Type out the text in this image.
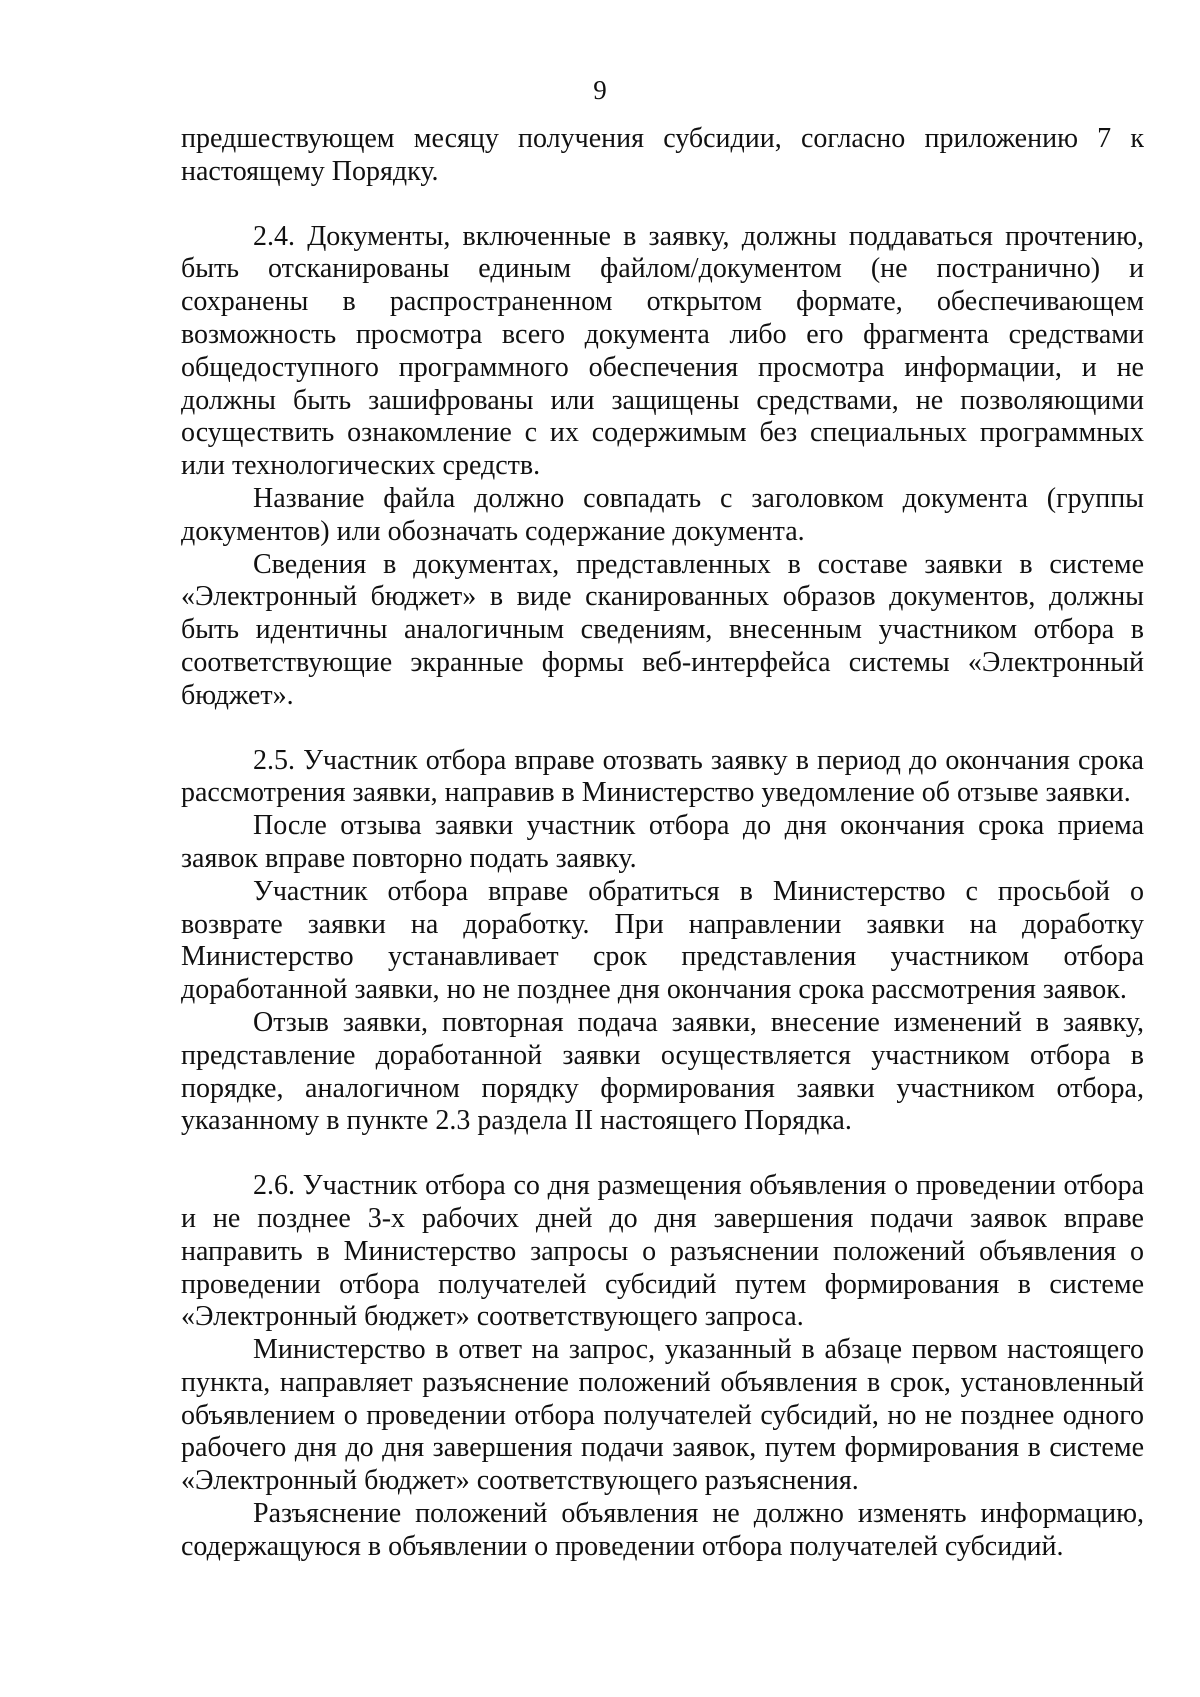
9

предшествующем месяцу получения субсидии, согласно приложению 7 к настоящему Порядку.

2.4. Документы, включенные в заявку, должны поддаваться прочтению, быть отсканированы единым файлом/документом (не постранично) и сохранены в распространенном открытом формате, обеспечивающем возможность просмотра всего документа либо его фрагмента средствами общедоступного программного обеспечения просмотра информации, и не должны быть зашифрованы или защищены средствами, не позволяющими осуществить ознакомление с их содержимым без специальных программных или технологических средств.

Название файла должно совпадать с заголовком документа (группы документов) или обозначать содержание документа.

Сведения в документах, представленных в составе заявки в системе «Электронный бюджет» в виде сканированных образов документов, должны быть идентичны аналогичным сведениям, внесенным участником отбора в соответствующие экранные формы веб-интерфейса системы «Электронный бюджет».

2.5. Участник отбора вправе отозвать заявку в период до окончания срока рассмотрения заявки, направив в Министерство уведомление об отзыве заявки.

После отзыва заявки участник отбора до дня окончания срока приема заявок вправе повторно подать заявку.

Участник отбора вправе обратиться в Министерство с просьбой о возврате заявки на доработку. При направлении заявки на доработку Министерство устанавливает срок представления участником отбора доработанной заявки, но не позднее дня окончания срока рассмотрения заявок.

Отзыв заявки, повторная подача заявки, внесение изменений в заявку, представление доработанной заявки осуществляется участником отбора в порядке, аналогичном порядку формирования заявки участником отбора, указанному в пункте 2.3 раздела II настоящего Порядка.

2.6. Участник отбора со дня размещения объявления о проведении отбора и не позднее 3-х рабочих дней до дня завершения подачи заявок вправе направить в Министерство запросы о разъяснении положений объявления о проведении отбора получателей субсидий путем формирования в системе «Электронный бюджет» соответствующего запроса.

Министерство в ответ на запрос, указанный в абзаце первом настоящего пункта, направляет разъяснение положений объявления в срок, установленный объявлением о проведении отбора получателей субсидий, но не позднее одного рабочего дня до дня завершения подачи заявок, путем формирования в системе «Электронный бюджет» соответствующего разъяснения.

Разъяснение положений объявления не должно изменять информацию, содержащуюся в объявлении о проведении отбора получателей субсидий.
